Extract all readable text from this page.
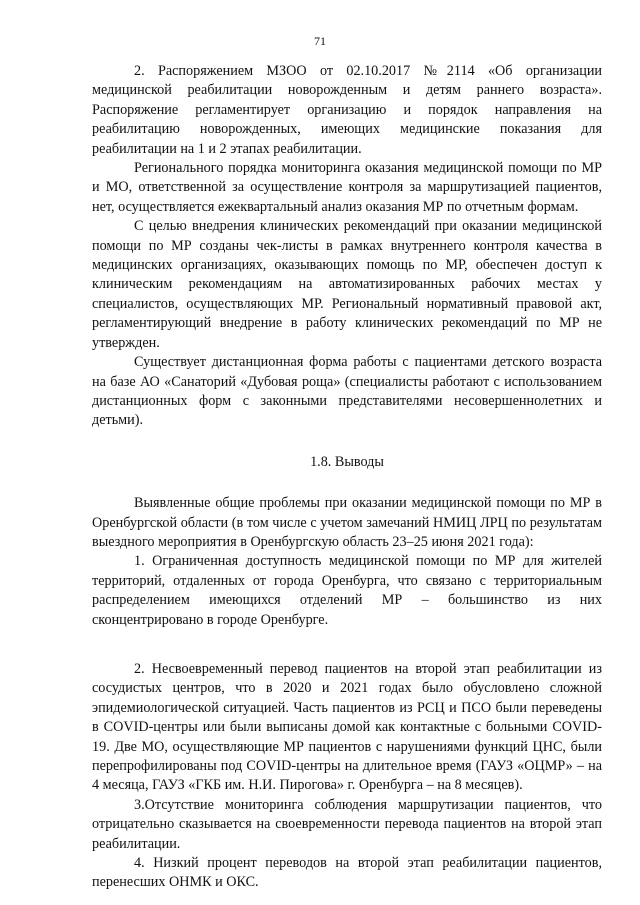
71

2. Распоряжением МЗОО от 02.10.2017 №2114 «Об организации медицинской реабилитации новорожденным и детям раннего возраста». Распоряжение регламентирует организацию и порядок направления на реабилитацию новорожденных, имеющих медицинские показания для реабилитации на 1 и 2 этапах реабилитации.

Регионального порядка мониторинга оказания медицинской помощи по МР и МО, ответственной за осуществление контроля за маршрутизацией пациентов, нет, осуществляется ежеквартальный анализ оказания МР по отчетным формам.

С целью внедрения клинических рекомендаций при оказании медицинской помощи по МР созданы чек-листы в рамках внутреннего контроля качества в медицинских организациях, оказывающих помощь по МР, обеспечен доступ к клиническим рекомендациям на автоматизированных рабочих местах у специалистов, осуществляющих МР. Региональный нормативный правовой акт, регламентирующий внедрение в работу клинических рекомендаций по МР не утвержден.

Существует дистанционная форма работы с пациентами детского возраста на базе АО «Санаторий «Дубовая роща» (специалисты работают с использованием дистанционных форм с законными представителями несовершеннолетних и детьми).

1.8. Выводы

Выявленные общие проблемы при оказании медицинской помощи по МР в Оренбургской области (в том числе с учетом замечаний НМИЦ ЛРЦ по результатам выездного мероприятия в Оренбургскую область 23–25 июня 2021 года):

1. Ограниченная доступность медицинской помощи по МР для жителей территорий, отдаленных от города Оренбурга, что связано с территориальным распределением имеющихся отделений МР – большинство из них сконцентрировано в городе Оренбурге.

2. Несвоевременный перевод пациентов на второй этап реабилитации из сосудистых центров, что в 2020 и 2021 годах было обусловлено сложной эпидемиологической ситуацией. Часть пациентов из РСЦ и ПСО были переведены в COVID-центры или были выписаны домой как контактные с больными COVID-19. Две МО, осуществляющие МР пациентов с нарушениями функций ЦНС, были перепрофилированы под COVID-центры на длительное время (ГАУЗ «ОЦМР» – на 4 месяца, ГАУЗ «ГКБ им. Н.И. Пирогова» г. Оренбурга – на 8 месяцев).

3.Отсутствие мониторинга соблюдения маршрутизации пациентов, что отрицательно сказывается на своевременности перевода пациентов на второй этап реабилитации.

4. Низкий процент переводов на второй этап реабилитации пациентов, перенесших ОНМК и ОКС.
